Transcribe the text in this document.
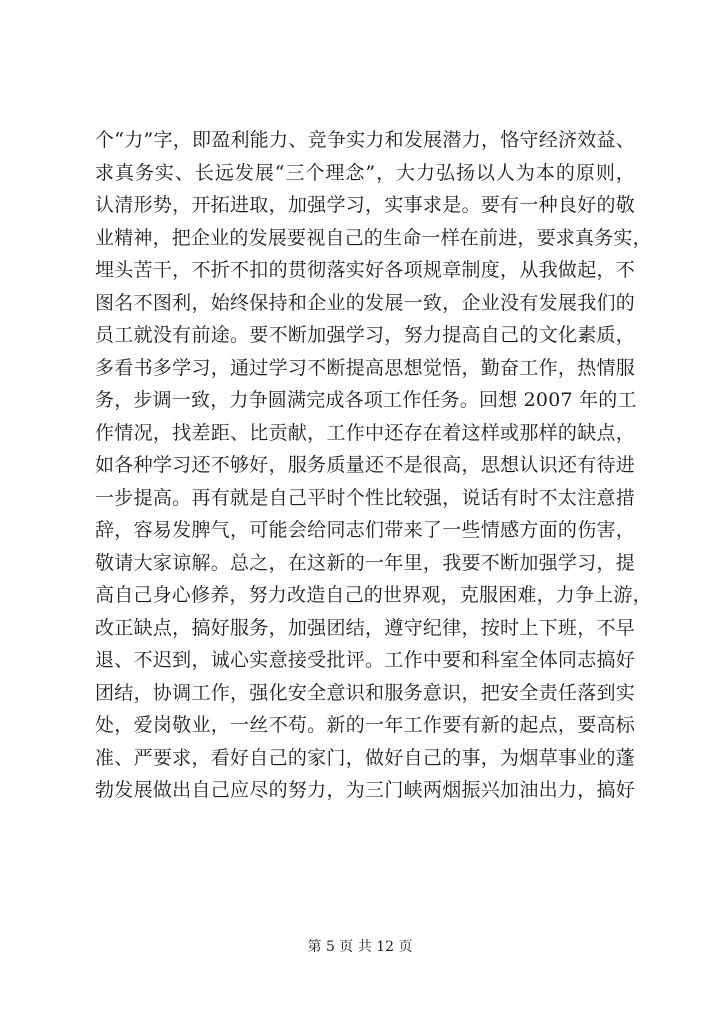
个“力”字，即盈利能力、竞争实力和发展潜力，恪守经济效益、
求真务实、长远发展“三个理念”，大力弘扬以人为本的原则，
认清形势，开拓进取，加强学习，实事求是。要有一种良好的敬
业精神，把企业的发展要视自己的生命一样在前进，要求真务实，
埋头苦干，不折不扣的贯彻落实好各项规章制度，从我做起，不
图名不图利，始终保持和企业的发展一致，企业没有发展我们的
员工就没有前途。要不断加强学习，努力提高自己的文化素质，
多看书多学习，通过学习不断提高思想觉悟，勤奋工作，热情服
务，步调一致，力争圆满完成各项工作任务。回想 2007 年的工
作情况，找差距、比贡献，工作中还存在着这样或那样的缺点，
如各种学习还不够好，服务质量还不是很高，思想认识还有待进
一步提高。再有就是自己平时个性比较强，说话有时不太注意措
辞，容易发脾气，可能会给同志们带来了一些情感方面的伤害，
敬请大家谅解。总之，在这新的一年里，我要不断加强学习，提
高自己身心修养，努力改造自己的世界观，克服困难，力争上游，
改正缺点，搞好服务，加强团结，遵守纪律，按时上下班，不早
退、不迟到，诚心实意接受批评。工作中要和科室全体同志搞好
团结，协调工作，强化安全意识和服务意识，把安全责任落到实
处，爱岗敬业，一丝不苟。新的一年工作要有新的起点，要高标
准、严要求，看好自己的家门，做好自己的事，为烟草事业的蓬
勃发展做出自己应尽的努力，为三门峡两烟振兴加油出力，搞好
第 5 页 共 12 页
